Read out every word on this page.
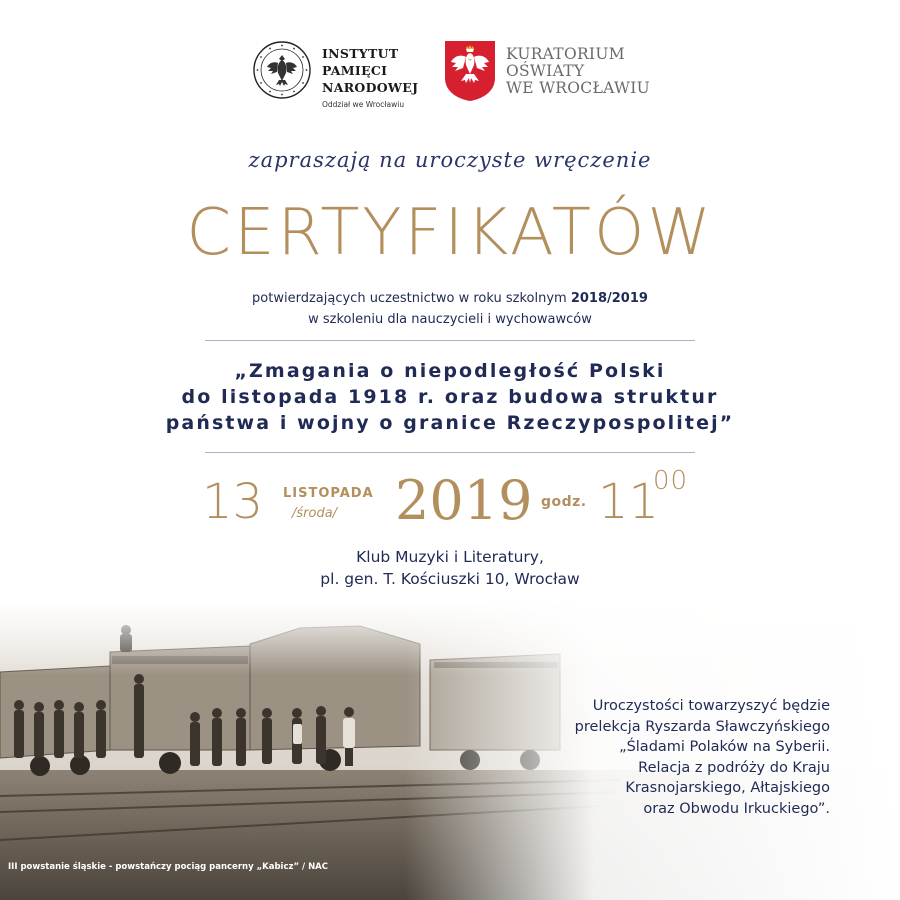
INSTYTUT
PAMIĘCI
NARODOWEJ
Oddział we Wrocławiu
KURATORIUM
OŚWIATY
WE WROCŁAWIU
zapraszają na uroczyste wręczenie
CERTYFIKATÓW
potwierdzających uczestnictwo w roku szkolnym 2018/2019
w szkoleniu dla nauczycieli i wychowawców
„Zmagania o niepodległość Polski
do listopada 1918 r. oraz budowa struktur
państwa i wojny o granice Rzeczypospolitej”
13 LISTOPADA
/środa/ 2019 godz. 11
00
Klub Muzyki i Literatury,
pl. gen. T. Kościuszki 10, Wrocław
Uroczystości towarzyszyć będzie
prelekcja Ryszarda Sławczyńskiego
„Śladami Polaków na Syberii.
Relacja z podróży do Kraju
Krasnojarskiego, Ałtajskiego
oraz Obwodu Irkuckiego”.
III powstanie śląskie - powstańczy pociąg pancerny „Kabicz” / NAC
